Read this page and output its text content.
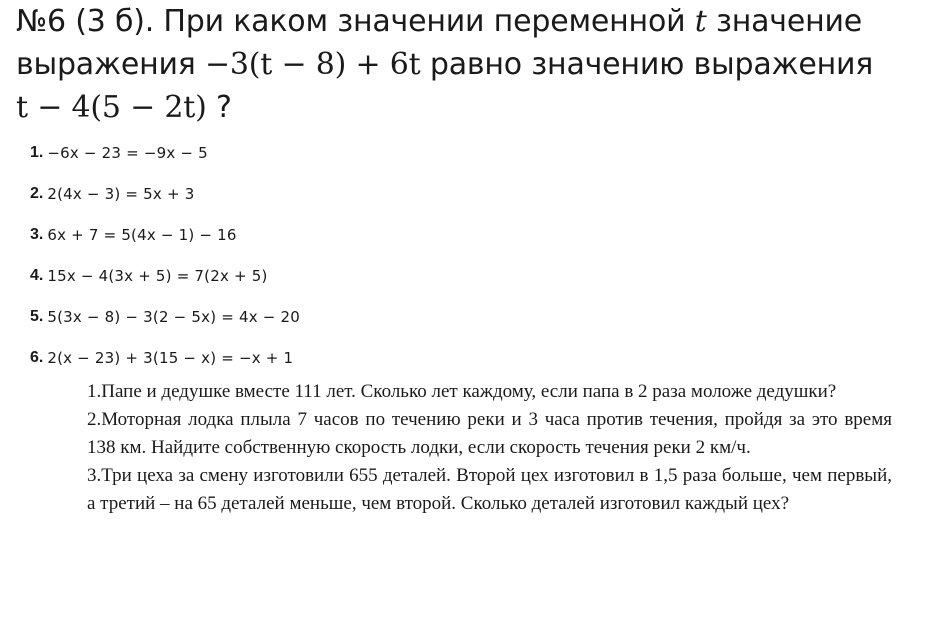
№6 (3 б). При каком значении переменной t значение
выражения −3(t − 8) + 6t равно значению выражения
t − 4(5 − 2t) ?
1. −6x − 23 = −9x − 5
2. 2(4x − 3) = 5x + 3
3. 6x + 7 = 5(4x − 1) − 16
4. 15x − 4(3x + 5) = 7(2x + 5)
5. 5(3x − 8) − 3(2 − 5x) = 4x − 20
6. 2(x − 23) + 3(15 − x) = −x + 1

1.Папе и дедушке вместе 111 лет. Сколько лет каждому, если папа в 2 раза моложе дедушки?

2.Моторная лодка плыла 7 часов по течению реки и 3 часа против течения, пройдя за это время 138 км. Найдите собственную скорость лодки, если скорость течения реки 2 км/ч.

3.Три цеха за смену изготовили 655 деталей. Второй цех изготовил в 1,5 раза больше, чем первый, а третий – на 65 деталей меньше, чем второй. Сколько деталей изготовил каждый цех?
